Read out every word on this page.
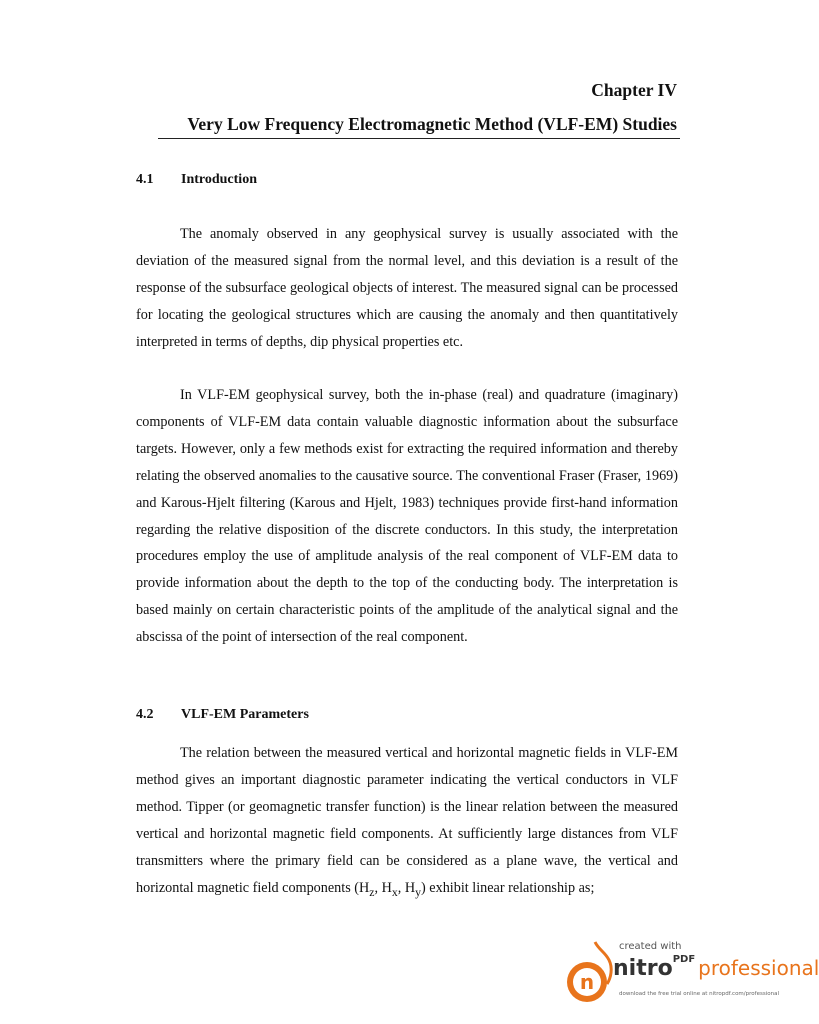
Chapter IV
Very Low Frequency Electromagnetic Method (VLF-EM) Studies
4.1 Introduction

The anomaly observed in any geophysical survey is usually associated with the deviation of the measured signal from the normal level, and this deviation is a result of the response of the subsurface geological objects of interest. The measured signal can be processed for locating the geological structures which are causing the anomaly and then quantitatively interpreted in terms of depths, dip physical properties etc.

In VLF-EM geophysical survey, both the in-phase (real) and quadrature (imaginary) components of VLF-EM data contain valuable diagnostic information about the subsurface targets. However, only a few methods exist for extracting the required information and thereby relating the observed anomalies to the causative source. The conventional Fraser (Fraser, 1969) and Karous-Hjelt filtering (Karous and Hjelt, 1983) techniques provide first-hand information regarding the relative disposition of the discrete conductors. In this study, the interpretation procedures employ the use of amplitude analysis of the real component of VLF-EM data to provide information about the depth to the top of the conducting body. The interpretation is based mainly on certain characteristic points of the amplitude of the analytical signal and the abscissa of the point of intersection of the real component.

4.2 VLF-EM Parameters

The relation between the measured vertical and horizontal magnetic fields in VLF-EM method gives an important diagnostic parameter indicating the vertical conductors in VLF method. Tipper (or geomagnetic transfer function) is the linear relation between the measured vertical and horizontal magnetic field components. At sufficiently large distances from VLF transmitters where the primary field can be considered as a plane wave, the vertical and horizontal magnetic field components ($H_z$, $H_x$, $H_y$) exhibit linear relationship as;

n
created with
nitro$^{PDF}$ professional
download the free trial online at nitropdf.com/professional
